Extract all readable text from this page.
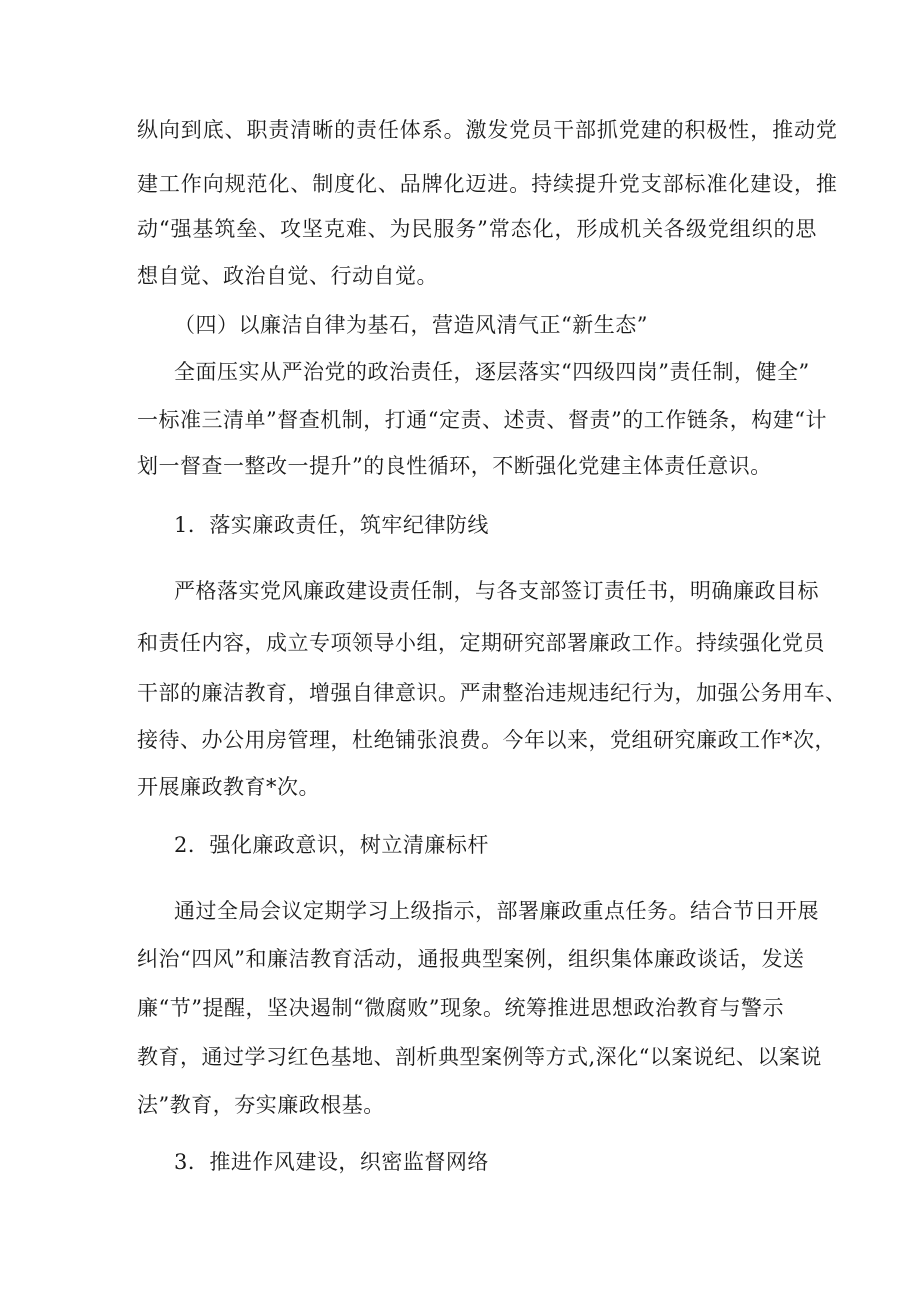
纵向到底、职责清晰的责任体系。激发党员干部抓党建的积极性，推动党
建工作向规范化、制度化、品牌化迈进。持续提升党支部标准化建设，推
动“强基筑垒、攻坚克难、为民服务”常态化，形成机关各级党组织的思
想自觉、政治自觉、行动自觉。
（四）以廉洁自律为基石，营造风清气正“新生态”
全面压实从严治党的政治责任，逐层落实“四级四岗”责任制，健全”
一标准三清单”督查机制，打通“定责、述责、督责”的工作链条，构建“计
划一督查一整改一提升”的良性循环，不断强化党建主体责任意识。
1．落实廉政责任，筑牢纪律防线
严格落实党风廉政建设责任制，与各支部签订责任书，明确廉政目标
和责任内容，成立专项领导小组，定期研究部署廉政工作。持续强化党员
干部的廉洁教育，增强自律意识。严肃整治违规违纪行为，加强公务用车、
接待、办公用房管理，杜绝铺张浪费。今年以来，党组研究廉政工作*次，
开展廉政教育*次。
2．强化廉政意识，树立清廉标杆
通过全局会议定期学习上级指示，部署廉政重点任务。结合节日开展
纠治“四风”和廉洁教育活动，通报典型案例，组织集体廉政谈话，发送
廉“节”提醒，坚决遏制“微腐败”现象。统筹推进思想政治教育与警示
教育，通过学习红色基地、剖析典型案例等方式,深化“以案说纪、以案说
法”教育，夯实廉政根基。
3．推进作风建设，织密监督网络
